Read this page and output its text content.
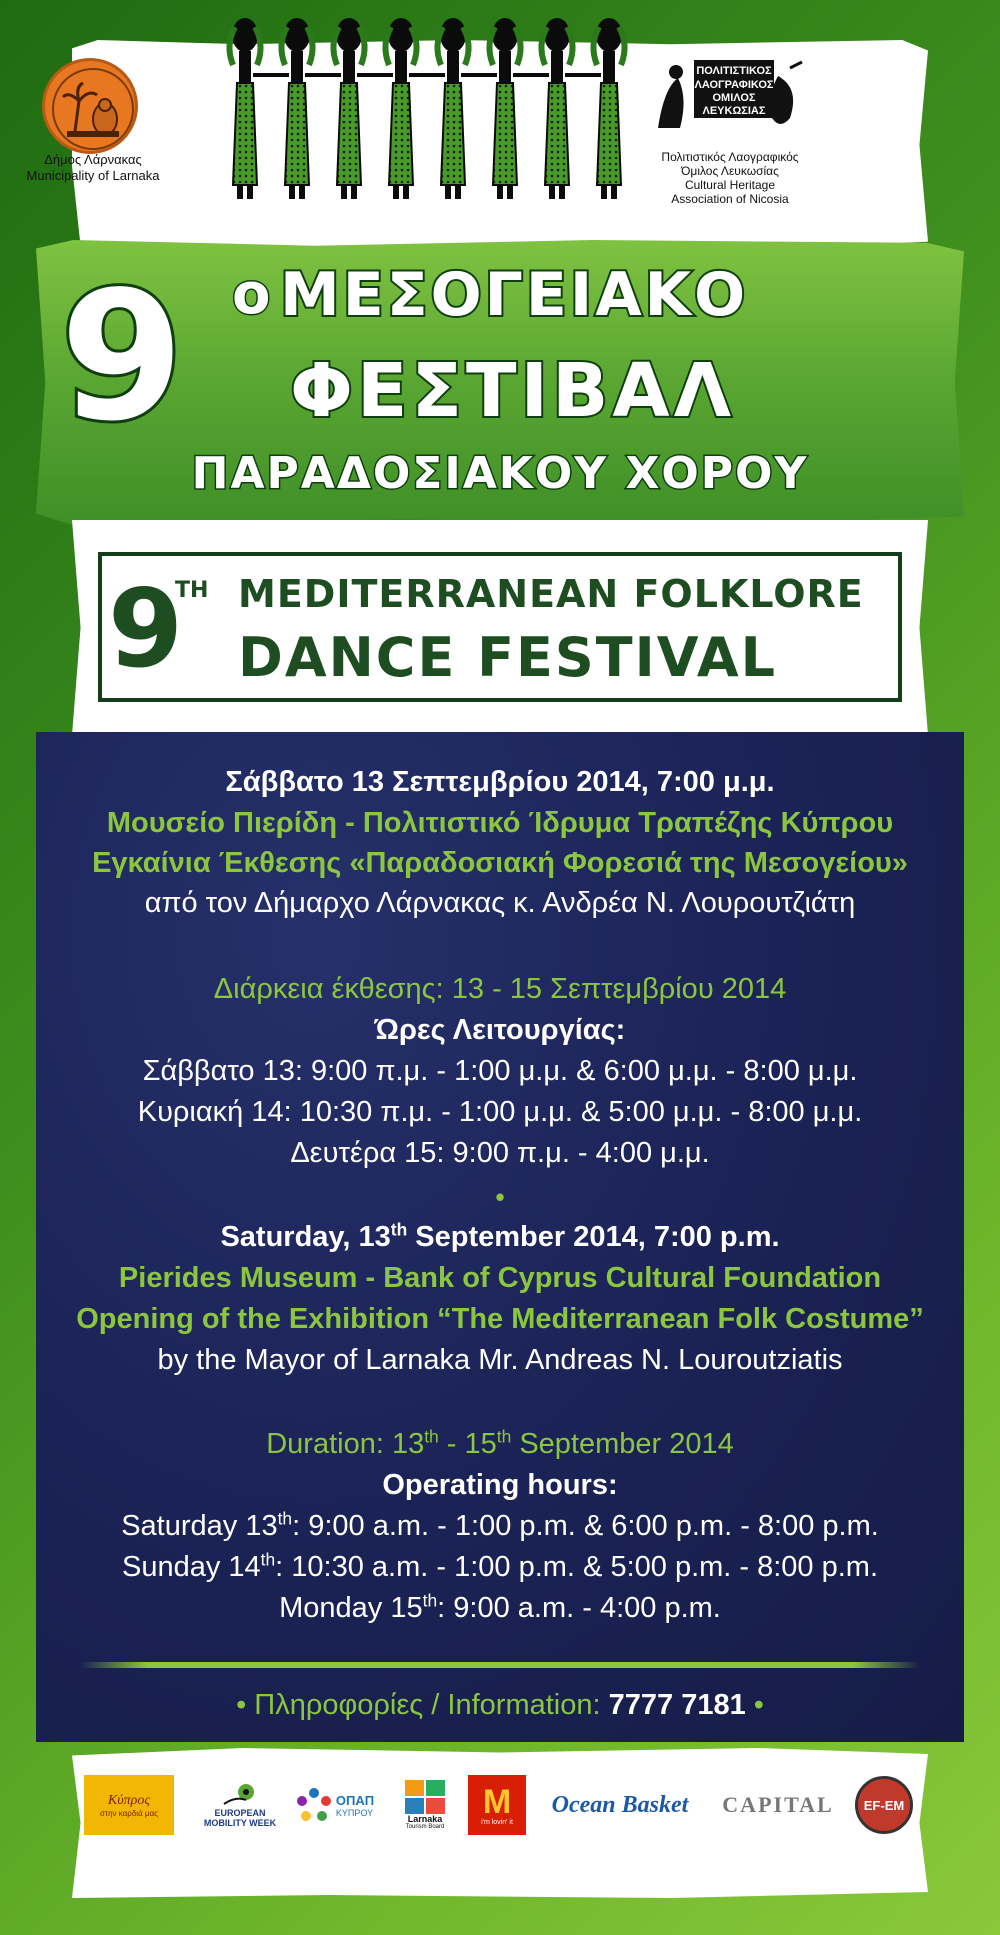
Δήμος Λάρνακας
Municipality of Larnaka
ΠΟΛΙΤΙΣΤΙΚΟΣ
ΛΑΟΓΡΑΦΙΚΟΣ
ΟΜΙΛΟΣ
ΛΕΥΚΩΣΙΑΣ
Πολιτιστικός Λαογραφικός
Όμιλος Λευκωσίας
Cultural Heritage
Association of Nicosia
9 ο ΜΕΣΟΓΕΙΑΚΟ
ΦΕΣΤΙΒΑΛ
ΠΑΡΑΔΟΣΙΑΚΟΥ ΧΟΡΟΥ
9
TH MEDITERRANEAN FOLKLORE
DANCE FESTIVAL
Σάββατο 13 Σεπτεμβρίου 2014, 7:00 μ.μ.
Μουσείο Πιερίδη - Πολιτιστικό Ίδρυμα Τραπέζης Κύπρου
Εγκαίνια Έκθεσης «Παραδοσιακή Φορεσιά της Μεσογείου»
από τον Δήμαρχο Λάρνακας κ. Ανδρέα Ν. Λουρουτζιάτη
Διάρκεια έκθεσης: 13 - 15 Σεπτεμβρίου 2014
Ώρες Λειτουργίας:
Σάββατο 13: 9:00 π.μ. - 1:00 μ.μ. & 6:00 μ.μ. - 8:00 μ.μ.
Κυριακή 14: 10:30 π.μ. - 1:00 μ.μ. & 5:00 μ.μ. - 8:00 μ.μ.
Δευτέρα 15: 9:00 π.μ. - 4:00 μ.μ.
•
Saturday, 13th September 2014, 7:00 p.m.
Pierides Museum - Bank of Cyprus Cultural Foundation
Opening of the Exhibition “The Mediterranean Folk Costume”
by the Mayor of Larnaka Mr. Andreas N. Louroutziatis
Duration: 13th - 15th September 2014
Operating hours:
Saturday 13th: 9:00 a.m. - 1:00 p.m. & 6:00 p.m. - 8:00 p.m.
Sunday 14th: 10:30 a.m. - 1:00 p.m. & 5:00 p.m. - 8:00 p.m.
Monday 15th: 9:00 a.m. - 4:00 p.m.
• Πληροφορίες / Information: 7777 7181 •
Κύπρος
στην καρδιά μας	EUROPEAN
MOBILITY WEEK
ΟΠΑΠ
ΚΥΠΡΟΥ
Larnaka
Tourism Board
M
i'm lovin' it
Ocean Basket CAPITAL EF-EM
